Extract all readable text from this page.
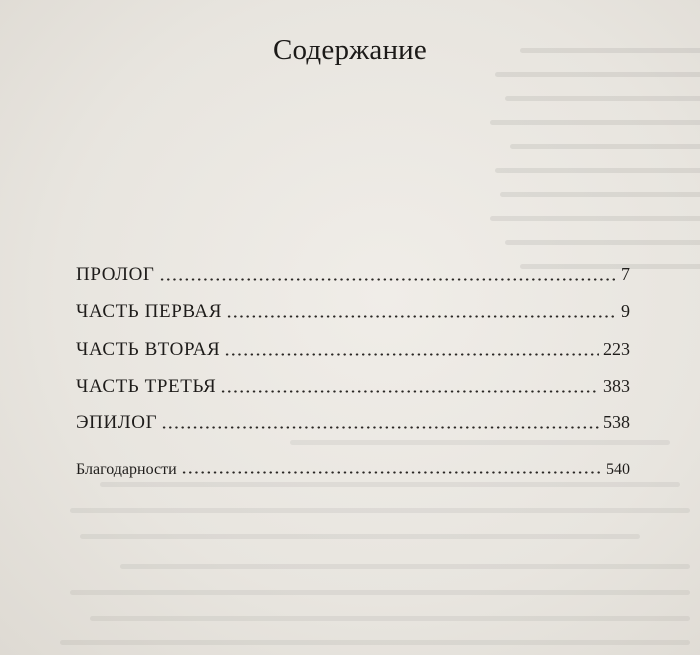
Содержание
ПРОЛОГ	7
ЧАСТЬ ПЕРВАЯ	9
ЧАСТЬ ВТОРАЯ	223
ЧАСТЬ ТРЕТЬЯ	383
ЭПИЛОГ	538
Благодарности	540
